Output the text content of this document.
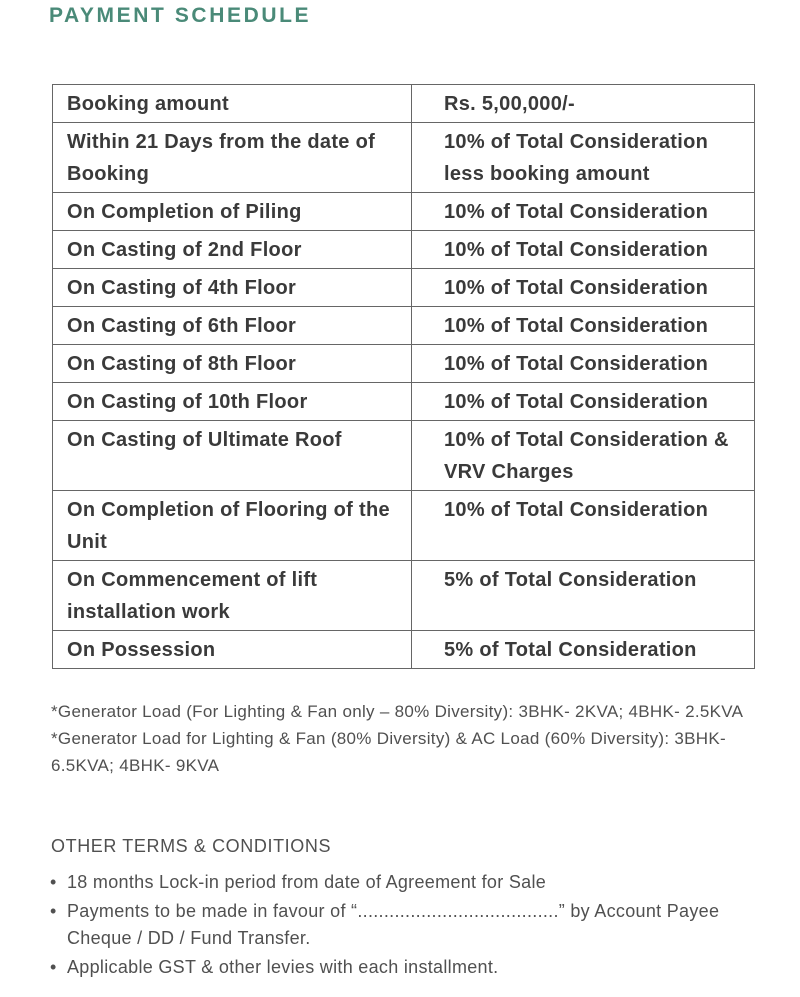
PAYMENT SCHEDULE
Booking amount	Rs. 5,00,000/-
Within 21 Days from the date of Booking	10% of Total Consideration less booking amount
On Completion of Piling	10% of Total Consideration
On Casting of 2nd Floor	10% of Total Consideration
On Casting of 4th Floor	10% of Total Consideration
On Casting of 6th Floor	10% of Total Consideration
On Casting of 8th Floor	10% of Total Consideration
On Casting of 10th Floor	10% of Total Consideration
On Casting of Ultimate Roof	10% of Total Consideration & VRV Charges
On Completion of Flooring of the Unit	10% of Total Consideration
On Commencement of lift installation work	5% of Total Consideration
On Possession	5% of Total Consideration

*Generator Load (For Lighting & Fan only – 80% Diversity): 3BHK- 2KVA; 4BHK- 2.5KVA

*Generator Load for Lighting & Fan (80% Diversity) & AC Load (60% Diversity): 3BHK- 6.5KVA; 4BHK- 9KVA

OTHER TERMS & CONDITIONS
• 18 months Lock-in period from date of Agreement for Sale
• Payments to be made in favour of “......................................” by Account Payee Cheque / DD / Fund Transfer.
• Applicable GST & other levies with each installment.
